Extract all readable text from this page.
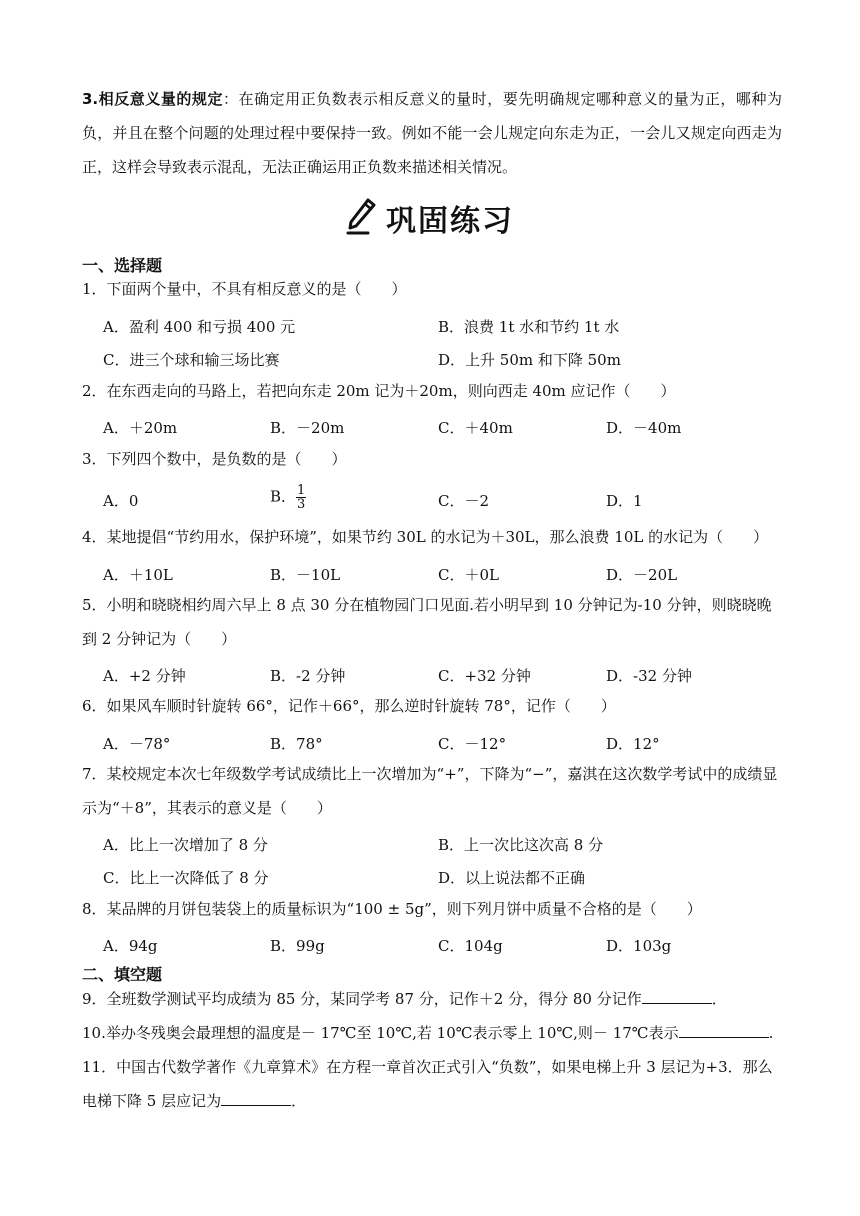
3.相反意义量的规定：在确定用正负数表示相反意义的量时，要先明确规定哪种意义的量为正，哪种为负，并且在整个问题的处理过程中要保持一致。例如不能一会儿规定向东走为正，一会儿又规定向西走为正，这样会导致表示混乱，无法正确运用正负数来描述相关情况。
巩固练习
一、选择题
1．下面两个量中，不具有相反意义的是（　　）
A．盈利 400 和亏损 400 元	B．浪费 1t 水和节约 1t 水
C．进三个球和输三场比赛	D．上升 50m 和下降 50m
2．在东西走向的马路上，若把向东走 20m 记为＋20m，则向西走 40m 应记作（　　）
A．＋20m	B．－20m	C．＋40m	D．－40m
3．下列四个数中，是负数的是（　　）
A．0	B． $\frac{1}{3}$	C．－2	D．1
4．某地提倡“节约用水，保护环境”，如果节约 30L 的水记为＋30L，那么浪费 10L 的水记为（　　）
A．＋10L	B．－10L	C．＋0L	D．－20L
5．小明和晓晓相约周六早上 8 点 30 分在植物园门口见面.若小明早到 10 分钟记为-10 分钟，则晓晓晚到 2 分钟记为（　　）
A．+2 分钟	B．-2 分钟	C．+32 分钟	D．-32 分钟
6．如果风车顺时针旋转 66°，记作＋66°，那么逆时针旋转 78°，记作（　　）
A．－78°	B．78°	C．－12°	D．12°
7．某校规定本次七年级数学考试成绩比上一次增加为“+”，下降为“−”，嘉淇在这次数学考试中的成绩显示为“＋8”，其表示的意义是（　　）
A．比上一次增加了 8 分	B．上一次比这次高 8 分
C．比上一次降低了 8 分	D．以上说法都不正确
8．某品牌的月饼包装袋上的质量标识为“100 ± 5g”，则下列月饼中质量不合格的是（　　）
A．94g	B．99g	C．104g	D．103g
二、填空题
9．全班数学测试平均成绩为 85 分，某同学考 87 分，记作＋2 分，得分 80 分记作	．
10.举办冬残奥会最理想的温度是－ 17℃至 10℃,若 10℃表示零上 10℃,则－ 17℃表示	.
11．中国古代数学著作《九章算术》在方程一章首次正式引入“负数”，如果电梯上升 3 层记为+3．那么电梯下降 5 层应记为	．
